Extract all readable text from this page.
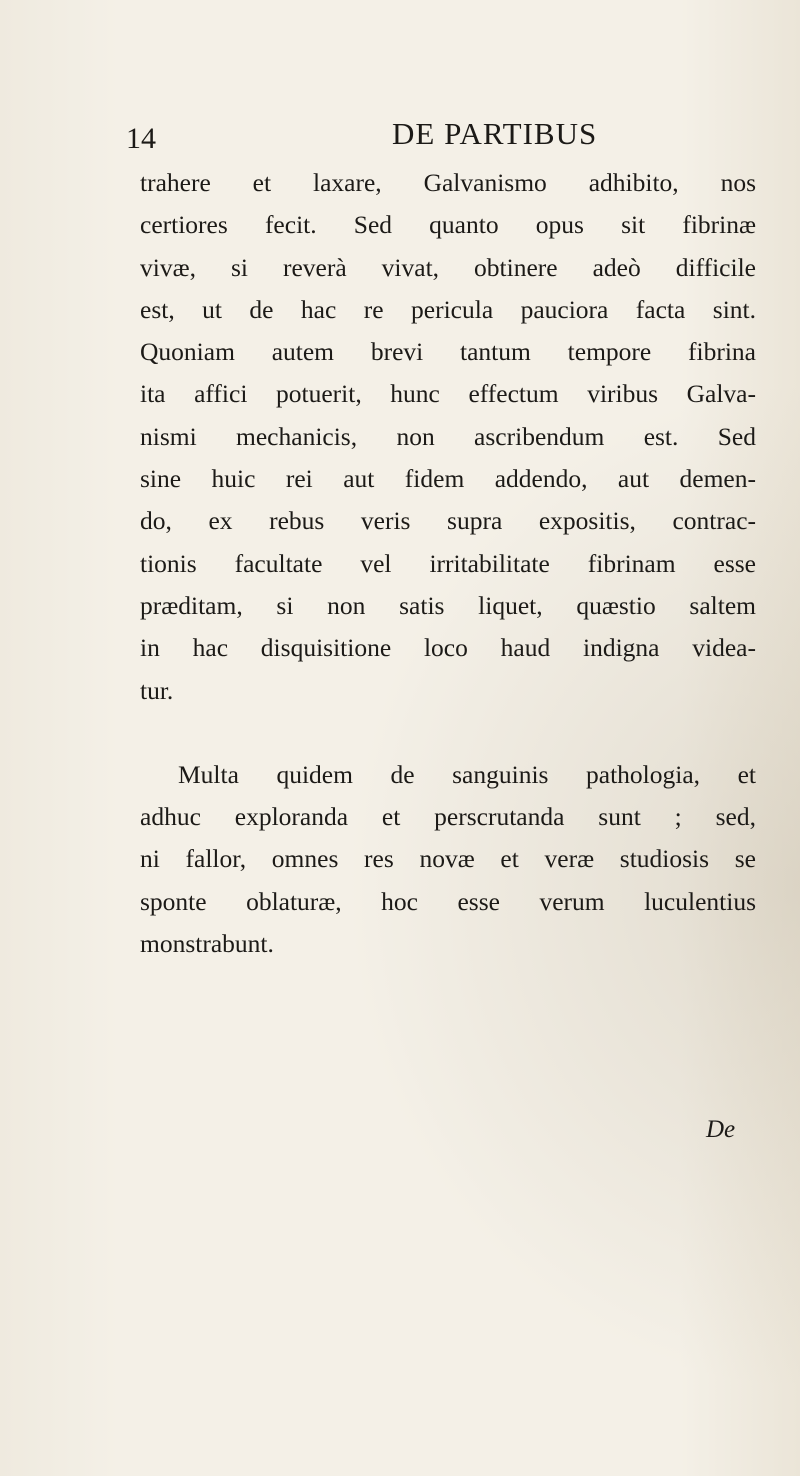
14	DE PARTIBUS
trahere et laxare, Galvanismo adhibito, nos
certiores fecit. Sed quanto opus sit fibrinæ
vivæ, si reverà vivat, obtinere adeò difficile
est, ut de hac re pericula pauciora facta sint.
Quoniam autem brevi tantum tempore fibrina
ita affici potuerit, hunc effectum viribus Galva-
nismi mechanicis, non ascribendum est. Sed
sine huic rei aut fidem addendo, aut demen-
do, ex rebus veris supra expositis, contrac-
tionis facultate vel irritabilitate fibrinam esse
præditam, si non satis liquet, quæstio saltem
in hac disquisitione loco haud indigna videa-
tur.
Multa quidem de sanguinis pathologia, et
adhuc exploranda et perscrutanda sunt ; sed,
ni fallor, omnes res novæ et veræ studiosis se
sponte oblaturæ, hoc esse verum luculentius
monstrabunt.
De
